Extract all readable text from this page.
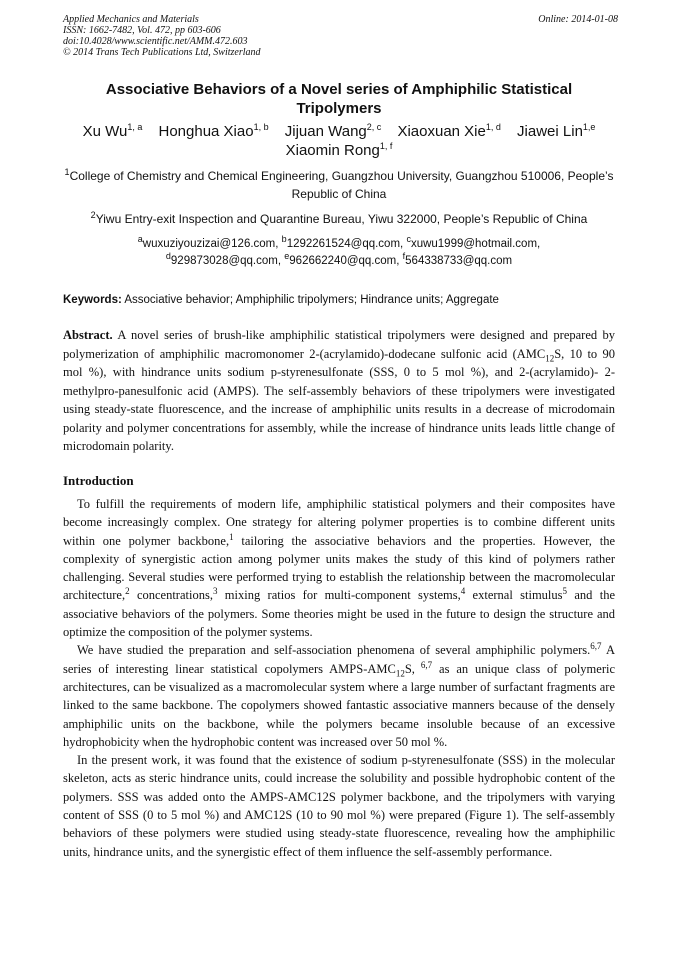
Applied Mechanics and Materials
ISSN: 1662-7482, Vol. 472, pp 603-606
doi:10.4028/www.scientific.net/AMM.472.603
© 2014 Trans Tech Publications Ltd, Switzerland
Online: 2014-01-08
Associative Behaviors of a Novel series of Amphiphilic Statistical Tripolymers
Xu Wu$^{1, a}$ Honghua Xiao$^{1, b}$ Jijuan Wang$^{2, c}$ Xiaoxuan Xie$^{1, d}$ Jiawei Lin$^{1,e}$ Xiaomin Rong$^{1, f}$
$^1$College of Chemistry and Chemical Engineering, Guangzhou University, Guangzhou 510006, People’s Republic of China
$^2$Yiwu Entry-exit Inspection and Quarantine Bureau, Yiwu 322000, People’s Republic of China
$^a$wuxuziyouzizai@126.com, $^b$1292261524@qq.com, $^c$xuwu1999@hotmail.com,
$^d$929873028@qq.com, $^e$962662240@qq.com, $^f$564338733@qq.com
Keywords: Associative behavior; Amphiphilic tripolymers; Hindrance units; Aggregate
Abstract. A novel series of brush-like amphiphilic statistical tripolymers were designed and prepared by polymerization of amphiphilic macromonomer 2-(acrylamido)-dodecane sulfonic acid ($AMC_{12}S$, 10 to 90 mol %), with hindrance units sodium p-styrenesulfonate (SSS, 0 to 5 mol %), and 2-(acrylamido)- 2-methylpro-panesulfonic acid (AMPS). The self-assembly behaviors of these tripolymers were investigated using steady-state fluorescence, and the increase of amphiphilic units results in a decrease of microdomain polarity and polymer concentrations for assembly, while the increase of hindrance units leads little change of microdomain polarity.
Introduction

To fulfill the requirements of modern life, amphiphilic statistical polymers and their composites have become increasingly complex. One strategy for altering polymer properties is to combine different units within one polymer backbone,$^1$ tailoring the associative behaviors and the properties. However, the complexity of synergistic action among polymer units makes the study of this kind of polymers rather challenging. Several studies were performed trying to establish the relationship between the macromolecular architecture,$^2$ concentrations,$^3$ mixing ratios for multi-component systems,$^4$ external stimulus$^5$ and the associative behaviors of the polymers. Some theories might be used in the future to design the structure and optimize the composition of the polymer systems.

We have studied the preparation and self-association phenomena of several amphiphilic polymers.$^{6,7}$ A series of interesting linear statistical copolymers AMPS-$AMC_{12}S$, $^{6,7}$ as an unique class of polymeric architectures, can be visualized as a macromolecular system where a large number of surfactant fragments are linked to the same backbone. The copolymers showed fantastic associative manners because of the densely amphiphilic units on the backbone, while the polymers became insoluble because of an excessive hydrophobicity when the hydrophobic content was increased over 50 mol %.

In the present work, it was found that the existence of sodium p-styrenesulfonate (SSS) in the molecular skeleton, acts as steric hindrance units, could increase the solubility and possible hydrophobic content of the polymers. SSS was added onto the AMPS-AMC12S polymer backbone, and the tripolymers with varying content of SSS (0 to 5 mol %) and AMC12S (10 to 90 mol %) were prepared (Figure 1). The self-assembly behaviors of these polymers were studied using steady-state fluorescence, revealing how the amphiphilic units, hindrance units, and the synergistic effect of them influence the self-assembly performance.
